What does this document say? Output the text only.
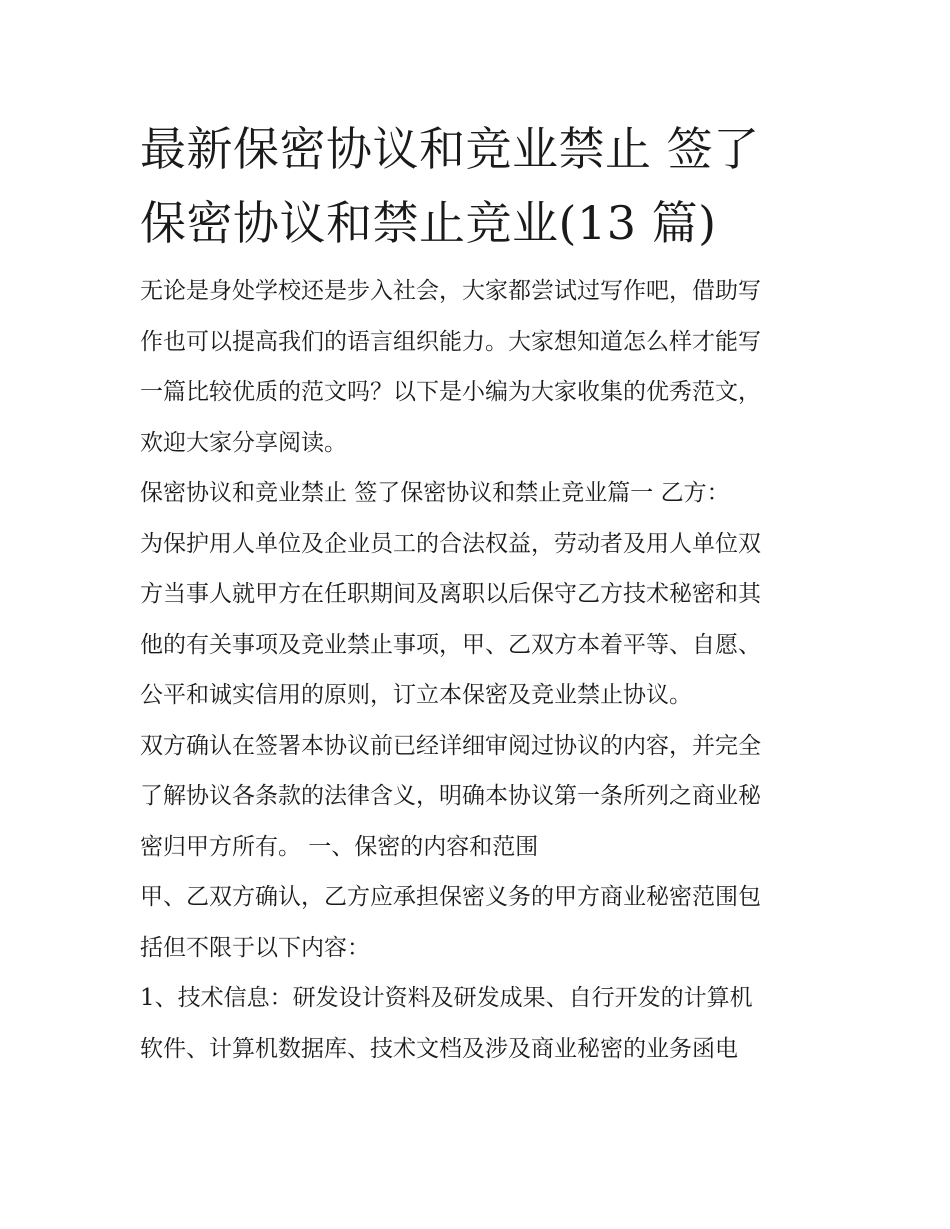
最新保密协议和竞业禁止 签了
保密协议和禁止竞业(13 篇)

无论是身处学校还是步入社会，大家都尝试过写作吧，借助写
作也可以提高我们的语言组织能力。大家想知道怎么样才能写
一篇比较优质的范文吗？以下是小编为大家收集的优秀范文，
欢迎大家分享阅读。

保密协议和竞业禁止 签了保密协议和禁止竞业篇一 乙方：

为保护用人单位及企业员工的合法权益，劳动者及用人单位双
方当事人就甲方在任职期间及离职以后保守乙方技术秘密和其
他的有关事项及竞业禁止事项，甲、乙双方本着平等、自愿、
公平和诚实信用的原则，订立本保密及竞业禁止协议。

双方确认在签署本协议前已经详细审阅过协议的内容，并完全
了解协议各条款的法律含义，明确本协议第一条所列之商业秘
密归甲方所有。 一、保密的内容和范围

甲、乙双方确认，乙方应承担保密义务的甲方商业秘密范围包
括但不限于以下内容：

1、技术信息：研发设计资料及研发成果、自行开发的计算机
软件、计算机数据库、技术文档及涉及商业秘密的业务函电
